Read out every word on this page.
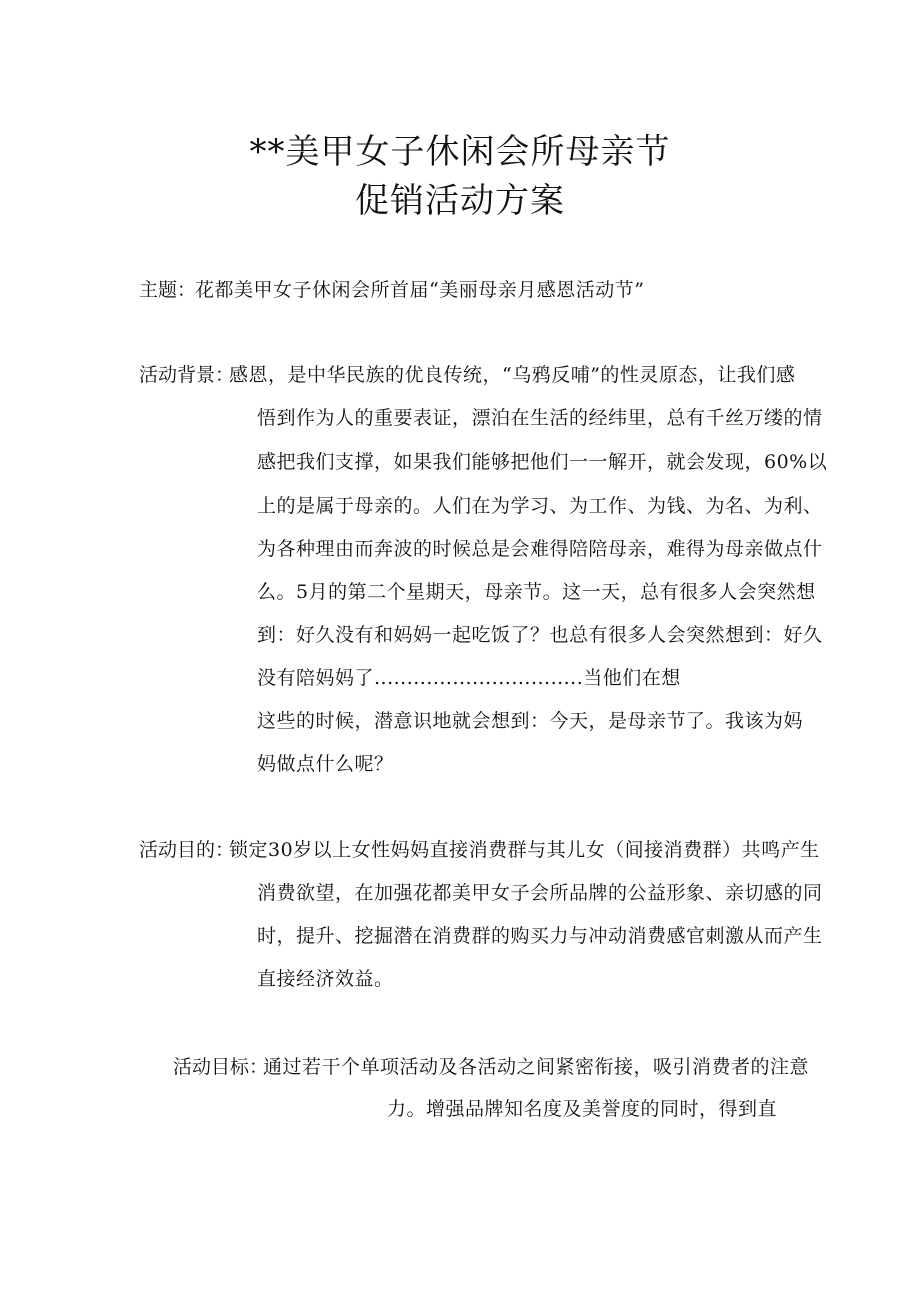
**美甲女子休闲会所母亲节
促销活动方案
主题：
花都美甲女子休闲会所首届“美丽母亲月感恩活动节”
活动背景：
感恩，是中华民族的优良传统，“乌鸦反哺”的性灵原态，让我们感
悟到作为人的重要表证，漂泊在生活的经纬里，总有千丝万缕的情
感把我们支撑，如果我们能够把他们一一解开，就会发现，60%以
上的是属于母亲的。人们在为学习、为工作、为钱、为名、为利、
为各种理由而奔波的时候总是会难得陪陪母亲，难得为母亲做点什
么。5月的第二个星期天，母亲节。这一天，总有很多人会突然想
到：好久没有和妈妈一起吃饭了？也总有很多人会突然想到：好久
没有陪妈妈了................................当他们在想
这些的时候，潜意识地就会想到：今天，是母亲节了。我该为妈
妈做点什么呢？
活动目的：
锁定30岁以上女性妈妈直接消费群与其儿女（间接消费群）共鸣产生
消费欲望，在加强花都美甲女子会所品牌的公益形象、亲切感的同
时，提升、挖掘潜在消费群的购买力与冲动消费感官刺激从而产生
直接经济效益。
活动目标：
通过若干个单项活动及各活动之间紧密衔接，吸引消费者的注意
力。增强品牌知名度及美誉度的同时，得到直
